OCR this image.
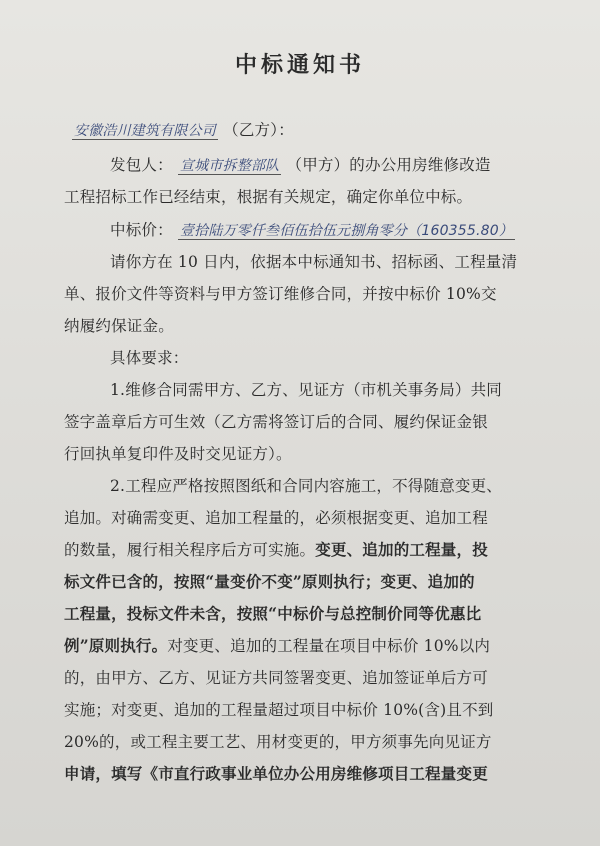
中标通知书
安徽浩川建筑有限公司 （乙方）：
发包人： 宣城市拆整部队 （甲方）的办公用房维修改造
工程招标工作已经结束，根据有关规定，确定你单位中标。
中标价： 壹拾陆万零仟叁佰伍拾伍元捌角零分（160355.80）
请你方在 10 日内，依据本中标通知书、招标函、工程量清
单、报价文件等资料与甲方签订维修合同，并按中标价 10%交
纳履约保证金。
具体要求：
1.维修合同需甲方、乙方、见证方（市机关事务局）共同
签字盖章后方可生效（乙方需将签订后的合同、履约保证金银
行回执单复印件及时交见证方）。
2.工程应严格按照图纸和合同内容施工，不得随意变更、
追加。对确需变更、追加工程量的，必须根据变更、追加工程
的数量，履行相关程序后方可实施。变更、追加的工程量，投
标文件已含的，按照“量变价不变”原则执行；变更、追加的
工程量，投标文件未含，按照“中标价与总控制价同等优惠比
例”原则执行。对变更、追加的工程量在项目中标价 10%以内
的，由甲方、乙方、见证方共同签署变更、追加签证单后方可
实施；对变更、追加的工程量超过项目中标价 10%(含)且不到
20%的，或工程主要工艺、用材变更的，甲方须事先向见证方
申请，填写《市直行政事业单位办公用房维修项目工程量变更
